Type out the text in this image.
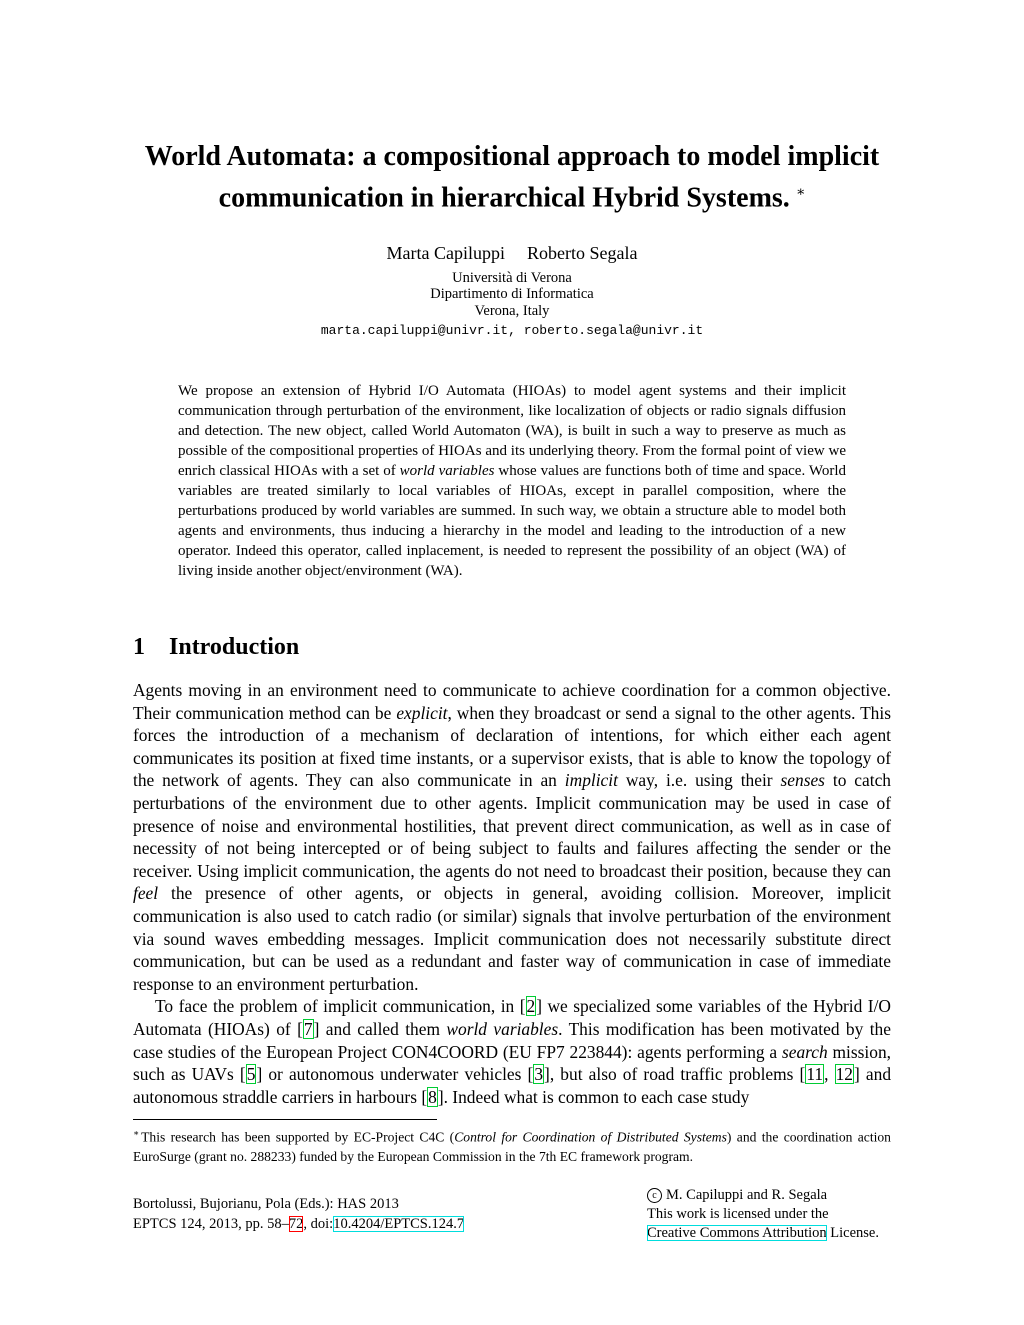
World Automata: a compositional approach to model implicit
communication in hierarchical Hybrid Systems. ∗
Marta Capiluppi Roberto Segala
Università di Verona
Dipartimento di Informatica
Verona, Italy
marta.capiluppi@univr.it, roberto.segala@univr.it
We propose an extension of Hybrid I/O Automata (HIOAs) to model agent systems and their implicit communication through perturbation of the environment, like localization of objects or radio signals diffusion and detection. The new object, called World Automaton (WA), is built in such a way to preserve as much as possible of the compositional properties of HIOAs and its underlying theory. From the formal point of view we enrich classical HIOAs with a set of world variables whose values are functions both of time and space. World variables are treated similarly to local variables of HIOAs, except in parallel composition, where the perturbations produced by world variables are summed. In such way, we obtain a structure able to model both agents and environments, thus inducing a hierarchy in the model and leading to the introduction of a new operator. Indeed this operator, called inplacement, is needed to represent the possibility of an object (WA) of living inside another object/environment (WA).
1 Introduction

Agents moving in an environment need to communicate to achieve coordination for a common objective. Their communication method can be explicit, when they broadcast or send a signal to the other agents. This forces the introduction of a mechanism of declaration of intentions, for which either each agent communicates its position at fixed time instants, or a supervisor exists, that is able to know the topology of the network of agents. They can also communicate in an implicit way, i.e. using their senses to catch perturbations of the environment due to other agents. Implicit communication may be used in case of presence of noise and environmental hostilities, that prevent direct communication, as well as in case of necessity of not being intercepted or of being subject to faults and failures affecting the sender or the receiver. Using implicit communication, the agents do not need to broadcast their position, because they can feel the presence of other agents, or objects in general, avoiding collision. Moreover, implicit communication is also used to catch radio (or similar) signals that involve perturbation of the environment via sound waves embedding messages. Implicit communication does not necessarily substitute direct communication, but can be used as a redundant and faster way of communication in case of immediate response to an environment perturbation.

To face the problem of implicit communication, in [2] we specialized some variables of the Hybrid I/O Automata (HIOAs) of [7] and called them world variables. This modification has been motivated by the case studies of the European Project CON4COORD (EU FP7 223844): agents performing a search mission, such as UAVs [5] or autonomous underwater vehicles [3], but also of road traffic problems [11, 12] and autonomous straddle carriers in harbours [8]. Indeed what is common to each case study

∗ This research has been supported by EC-Project C4C (Control for Coordination of Distributed Systems) and the coordination action EuroSurge (grant no. 288233) funded by the European Commission in the 7th EC framework program.
Bortolussi, Bujorianu, Pola (Eds.): HAS 2013
EPTCS 124, 2013, pp. 58–72, doi:10.4204/EPTCS.124.7
c M. Capiluppi and R. Segala
This work is licensed under the
Creative Commons Attribution License.
